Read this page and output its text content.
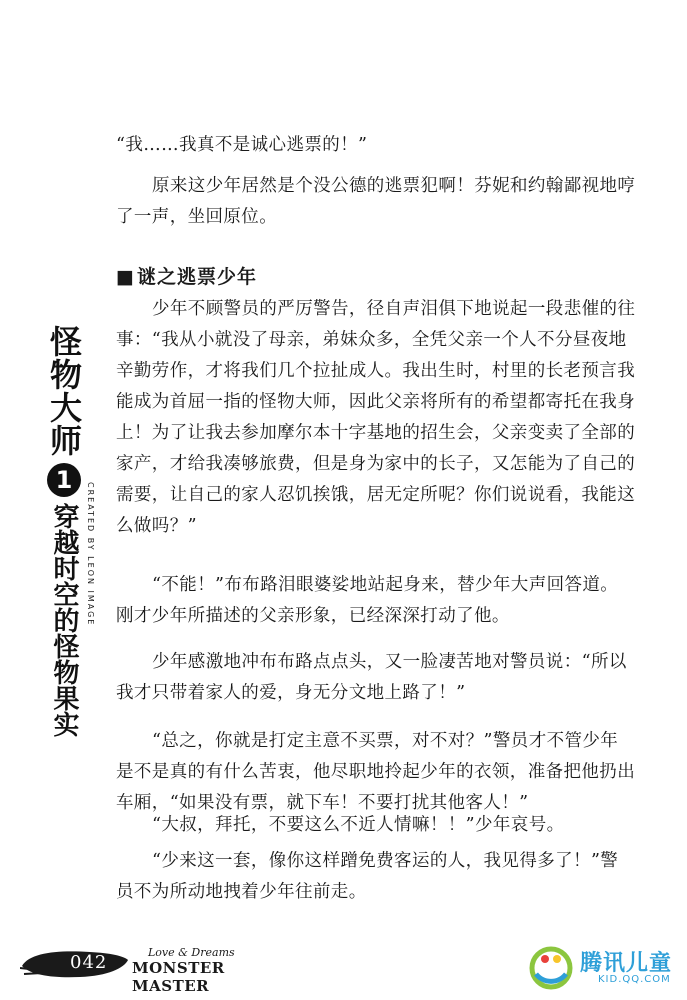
怪物大师
1
穿越时空的怪物果实 CREATED BY LEON IMAGE

“我……我真不是诚心逃票的！”

原来这少年居然是个没公德的逃票犯啊！芬妮和约翰鄙视地哼了一声，坐回原位。

■ 谜之逃票少年

少年不顾警员的严厉警告，径自声泪俱下地说起一段悲催的往事：“我从小就没了母亲，弟妹众多，全凭父亲一个人不分昼夜地辛勤劳作，才将我们几个拉扯成人。我出生时，村里的长老预言我能成为首屈一指的怪物大师，因此父亲将所有的希望都寄托在我身上！为了让我去参加摩尔本十字基地的招生会，父亲变卖了全部的家产，才给我凑够旅费，但是身为家中的长子，又怎能为了自己的需要，让自己的家人忍饥挨饿，居无定所呢？你们说说看，我能这么做吗？”

“不能！”布布路泪眼婆娑地站起身来，替少年大声回答道。刚才少年所描述的父亲形象，已经深深打动了他。

少年感激地冲布布路点点头，又一脸凄苦地对警员说：“所以我才只带着家人的爱，身无分文地上路了！”

“总之，你就是打定主意不买票，对不对？”警员才不管少年是不是真的有什么苦衷，他尽职地拎起少年的衣领，准备把他扔出车厢，“如果没有票，就下车！不要打扰其他客人！”

“大叔，拜托，不要这么不近人情嘛！！”少年哀号。

“少来这一套，像你这样蹭免费客运的人，我见得多了！”警员不为所动地拽着少年往前走。

042	Love & Dreams
MONSTER MASTER
腾讯儿童
KID.QQ.COM
